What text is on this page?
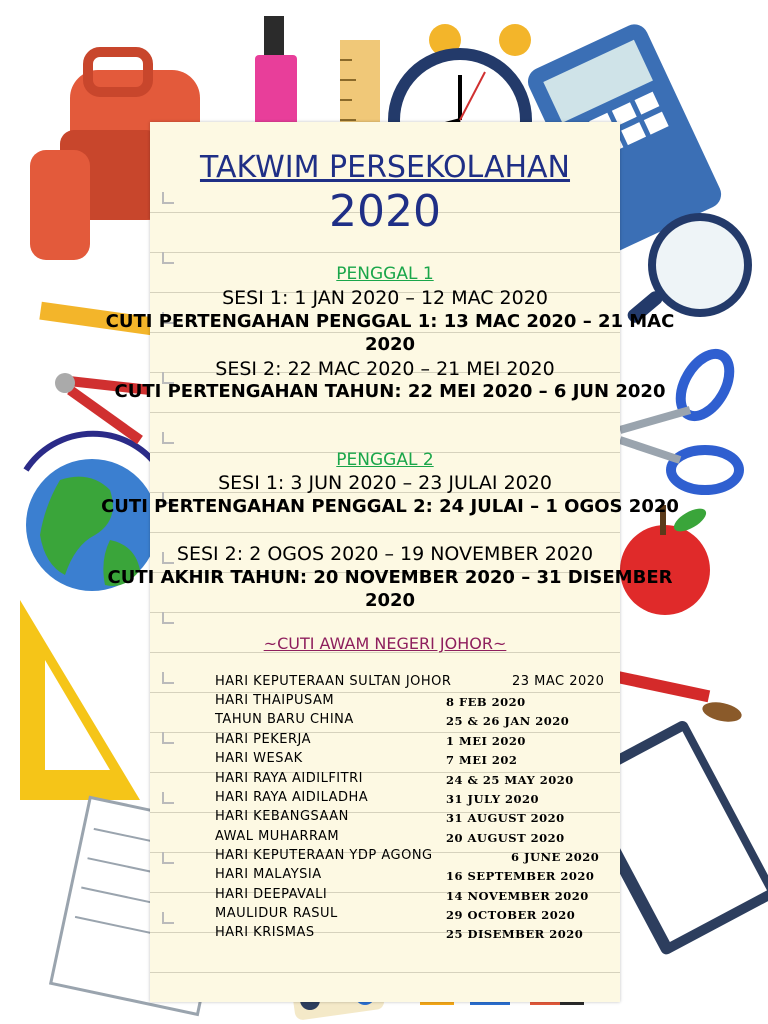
TAKWIM PERSEKOLAHAN
2020
PENGGAL 1
SESI 1: 1 JAN 2020 – 12 MAC 2020
CUTI PERTENGAHAN PENGGAL 1: 13 MAC 2020 – 21 MAC 2020
SESI 2: 22 MAC 2020 – 21 MEI 2020
CUTI PERTENGAHAN TAHUN: 22 MEI 2020 – 6 JUN 2020
PENGGAL 2
SESI 1: 3 JUN 2020 – 23 JULAI 2020
CUTI PERTENGAHAN PENGGAL 2: 24 JULAI – 1 OGOS 2020
SESI 2: 2 OGOS 2020 – 19 NOVEMBER 2020
CUTI AKHIR TAHUN: 20 NOVEMBER 2020 – 31 DISEMBER 2020
~CUTI AWAM NEGERI JOHOR~
HARI KEPUTERAAN SULTAN JOHOR	23 MAC 2020
HARI THAIPUSAM	8 FEB 2020
TAHUN BARU CHINA	25 & 26 JAN 2020
HARI PEKERJA	1 MEI 2020
HARI WESAK	7 MEI 202
HARI RAYA AIDILFITRI	24 & 25 MAY 2020
HARI RAYA AIDILADHA	31 JULY 2020
HARI KEBANGSAAN	31 AUGUST 2020
AWAL MUHARRAM	20 AUGUST 2020
HARI KEPUTERAAN YDP AGONG	6 JUNE 2020
HARI MALAYSIA	16 SEPTEMBER 2020
HARI DEEPAVALI	14 NOVEMBER 2020
MAULIDUR RASUL	29 OCTOBER 2020
HARI KRISMAS	25 DISEMBER 2020
